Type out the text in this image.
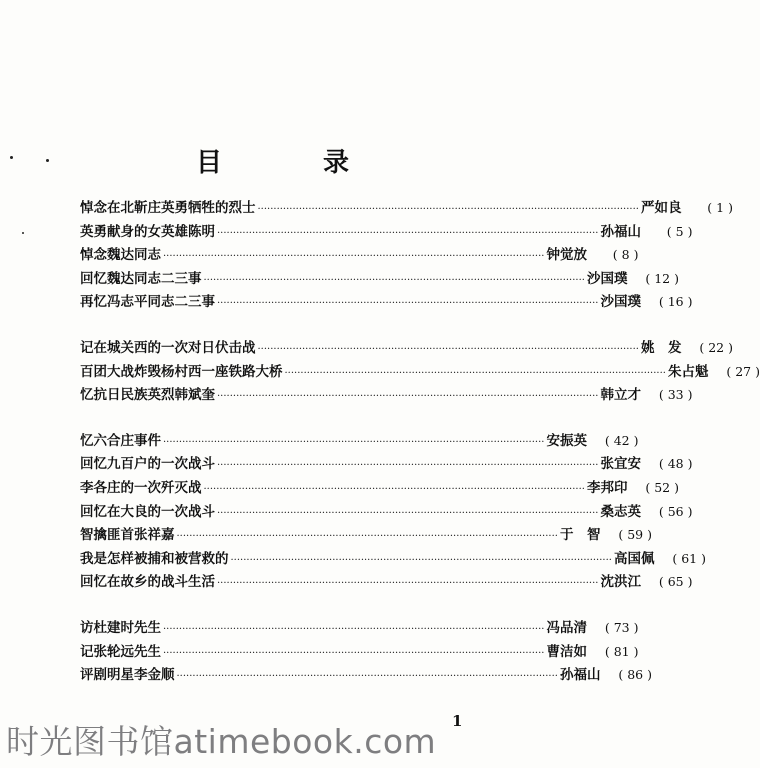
目 录
悼念在北靳庄英勇牺牲的烈士 ························································································································ 严如良	( 1 )
英勇献身的女英雄陈明 ························································································································ 孙福山	( 5 )
悼念魏达同志 ························································································································ 钟觉放	( 8 )
回忆魏达同志二三事 ························································································································ 沙国璞	( 12 )
再忆冯志平同志二三事 ························································································································ 沙国璞	( 16 )
记在城关西的一次对日伏击战 ························································································································ 姚　发	( 22 )
百团大战炸毁杨村西一座铁路大桥 ························································································································ 朱占魁	( 27 )
忆抗日民族英烈韩斌奎 ························································································································ 韩立才	( 33 )
忆六合庄事件 ························································································································ 安振英	( 42 )
回忆九百户的一次战斗 ························································································································ 张宜安	( 48 )
李各庄的一次歼灭战 ························································································································ 李邦印	( 52 )
回忆在大良的一次战斗 ························································································································ 桑志英	( 56 )
智擒匪首张祥嘉 ························································································································ 于　智	( 59 )
我是怎样被捕和被营救的 ························································································································ 高国佩	( 61 )
回忆在故乡的战斗生活 ························································································································ 沈洪江	( 65 )
访杜建时先生 ························································································································ 冯品清	( 73 )
记张轮远先生 ························································································································ 曹洁如	( 81 )
评剧明星李金顺 ························································································································ 孙福山	( 86 )
1
时光图书馆atimebook.com
